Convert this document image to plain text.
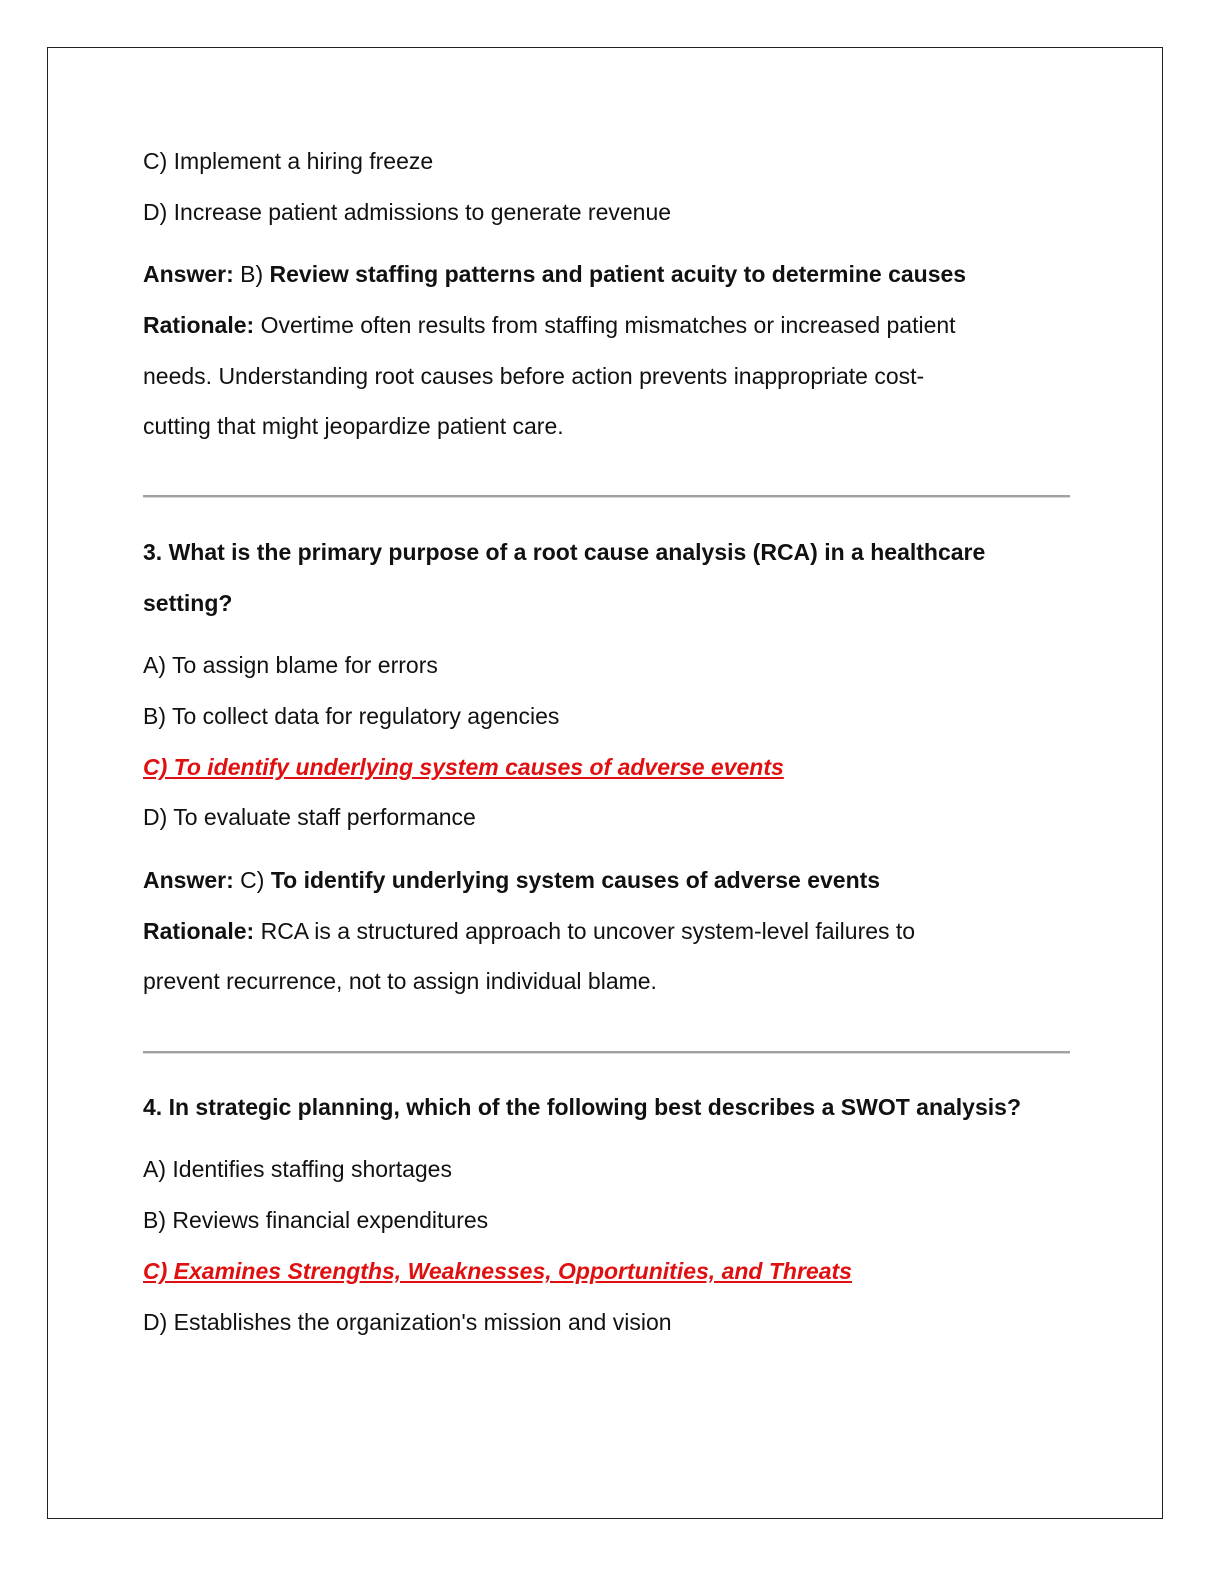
C) Implement a hiring freeze
D) Increase patient admissions to generate revenue
Answer: B) Review staffing patterns and patient acuity to determine causes
Rationale: Overtime often results from staffing mismatches or increased patient
needs. Understanding root causes before action prevents inappropriate cost-
cutting that might jeopardize patient care.
3. What is the primary purpose of a root cause analysis (RCA) in a healthcare
setting?
A) To assign blame for errors
B) To collect data for regulatory agencies
C) To identify underlying system causes of adverse events
D) To evaluate staff performance
Answer: C) To identify underlying system causes of adverse events
Rationale: RCA is a structured approach to uncover system-level failures to
prevent recurrence, not to assign individual blame.
4. In strategic planning, which of the following best describes a SWOT analysis?
A) Identifies staffing shortages
B) Reviews financial expenditures
C) Examines Strengths, Weaknesses, Opportunities, and Threats
D) Establishes the organization's mission and vision
